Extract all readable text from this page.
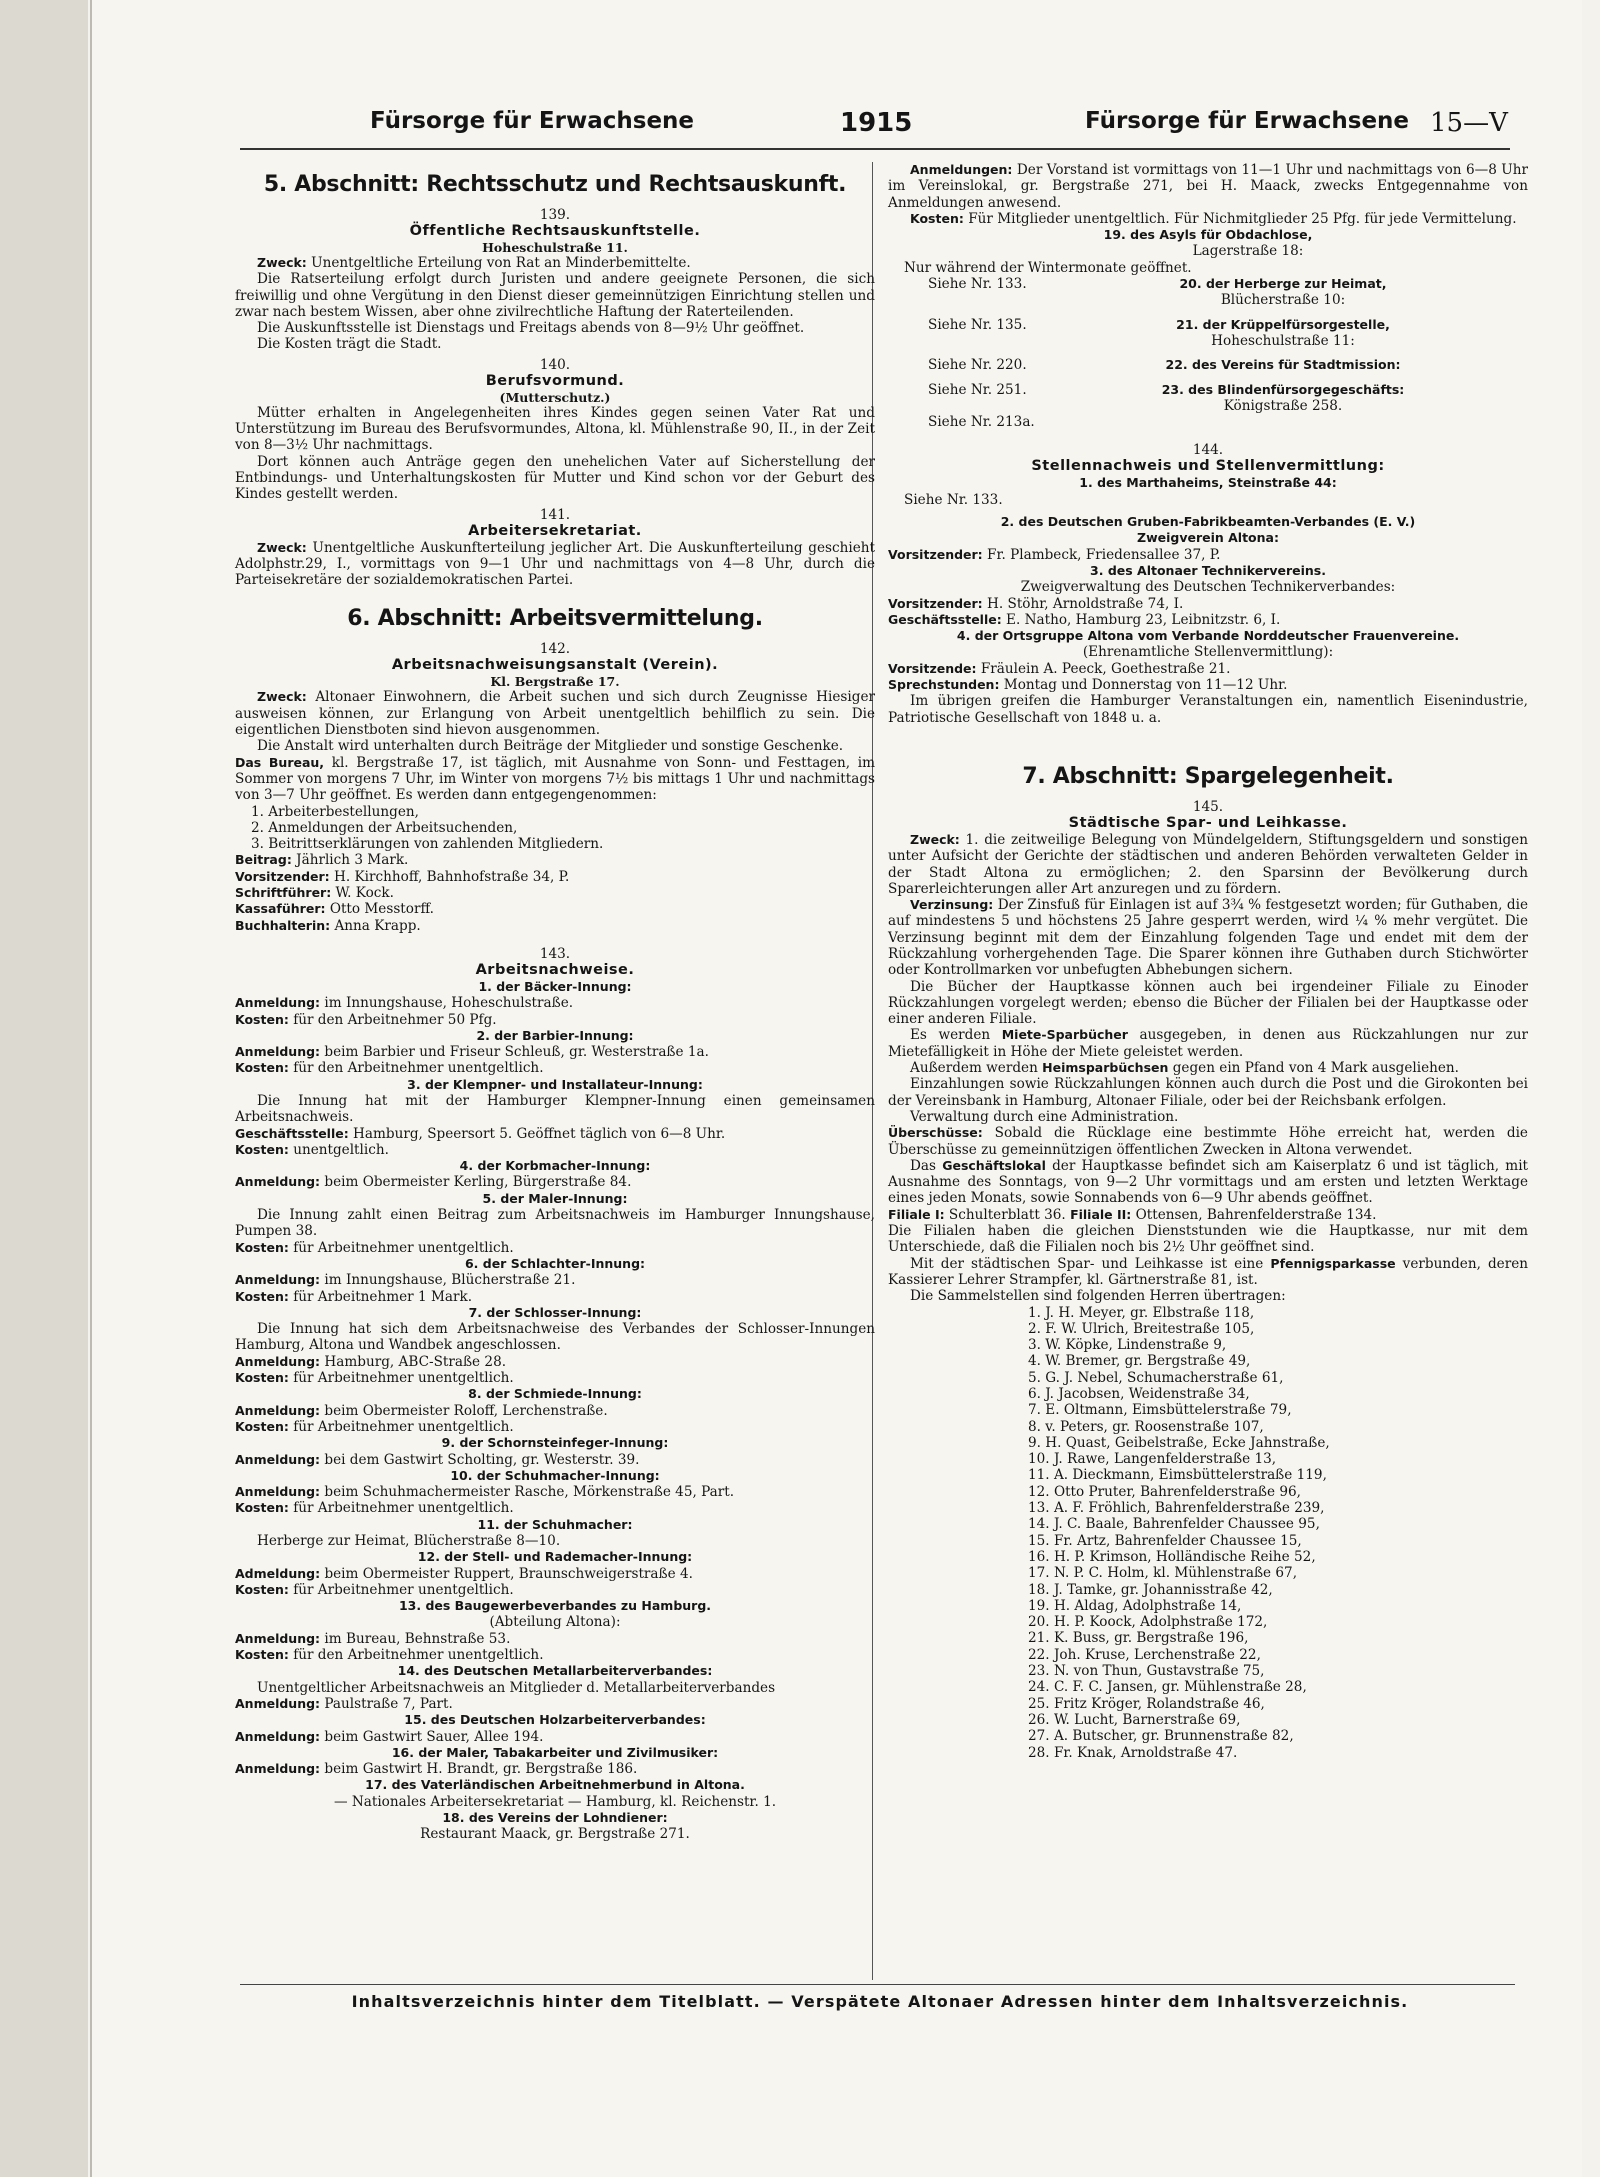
Fürsorge für Erwachsene	1915	Fürsorge für Erwachsene 15—V
5. Abschnitt: Rechtsschutz und Rechtsauskunft.
139.
Öffentliche Rechtsauskunftstelle.
Hoheschulstraße 11.

Zweck: Unentgeltliche Erteilung von Rat an Minderbemittelte.

Die Ratserteilung erfolgt durch Juristen und andere geeignete Personen, die sich freiwillig und ohne Vergütung in den Dienst dieser gemeinnützigen Einrichtung stellen und zwar nach bestem Wissen, aber ohne zivilrechtliche Haftung der Raterteilenden.

Die Auskunftsstelle ist Dienstags und Freitags abends von 8—9½ Uhr geöffnet.

Die Kosten trägt die Stadt.

140.
Berufsvormund.
(Mutterschutz.)

Mütter erhalten in Angelegenheiten ihres Kindes gegen seinen Vater Rat und Unterstützung im Bureau des Berufsvormundes, Altona, kl. Mühlenstraße 90, II., in der Zeit von 8—3½ Uhr nachmittags.

Dort können auch Anträge gegen den unehelichen Vater auf Sicherstellung der Entbindungs- und Unterhaltungskosten für Mutter und Kind schon vor der Geburt des Kindes gestellt werden.

141.
Arbeitersekretariat.

Zweck: Unentgeltliche Auskunfterteilung jeglicher Art. Die Auskunfterteilung geschieht Adolphstr.29, I., vormittags von 9—1 Uhr und nachmittags von 4—8 Uhr, durch die Parteisekretäre der sozialdemokratischen Partei.

6. Abschnitt: Arbeitsvermittelung.
142.
Arbeitsnachweisungsanstalt (Verein).
Kl. Bergstraße 17.

Zweck: Altonaer Einwohnern, die Arbeit suchen und sich durch Zeugnisse Hiesiger ausweisen können, zur Erlangung von Arbeit unentgeltlich behilflich zu sein. Die eigentlichen Dienstboten sind hievon ausgenommen.

Die Anstalt wird unterhalten durch Beiträge der Mitglieder und sonstige Geschenke.

Das Bureau, kl. Bergstraße 17, ist täglich, mit Ausnahme von Sonn- und Festtagen, im Sommer von morgens 7 Uhr, im Winter von morgens 7½ bis mittags 1 Uhr und nachmittags von 3—7 Uhr geöffnet. Es werden dann entgegengenommen:

1. Arbeiterbestellungen,
2. Anmeldungen der Arbeitsuchenden,
3. Beitrittserklärungen von zahlenden Mitgliedern.
Beitrag: Jährlich 3 Mark.
Vorsitzender: H. Kirchhoff, Bahnhofstraße 34, P.
Schriftführer: W. Kock.
Kassaführer: Otto Messtorff.
Buchhalterin: Anna Krapp.
143.
Arbeitsnachweise.
1. der Bäcker-Innung:
Anmeldung: im Innungshause, Hoheschulstraße.
Kosten: für den Arbeitnehmer 50 Pfg.
2. der Barbier-Innung:
Anmeldung: beim Barbier und Friseur Schleuß, gr. Westerstraße 1a.
Kosten: für den Arbeitnehmer unentgeltlich.
3. der Klempner- und Installateur-Innung:
Die Innung hat mit der Hamburger Klempner-Innung einen gemeinsamen Arbeitsnachweis.
Geschäftsstelle: Hamburg, Speersort 5. Geöffnet täglich von 6—8 Uhr.
Kosten: unentgeltlich.
4. der Korbmacher-Innung:
Anmeldung: beim Obermeister Kerling, Bürgerstraße 84.
5. der Maler-Innung:
Die Innung zahlt einen Beitrag zum Arbeitsnachweis im Hamburger Innungshause, Pumpen 38.
Kosten: für Arbeitnehmer unentgeltlich.
6. der Schlachter-Innung:
Anmeldung: im Innungshause, Blücherstraße 21.
Kosten: für Arbeitnehmer 1 Mark.
7. der Schlosser-Innung:
Die Innung hat sich dem Arbeitsnachweise des Verbandes der Schlosser-Innungen Hamburg, Altona und Wandbek angeschlossen.
Anmeldung: Hamburg, ABC-Straße 28.
Kosten: für Arbeitnehmer unentgeltlich.
8. der Schmiede-Innung:
Anmeldung: beim Obermeister Roloff, Lerchenstraße.
Kosten: für Arbeitnehmer unentgeltlich.
9. der Schornsteinfeger-Innung:
Anmeldung: bei dem Gastwirt Scholting, gr. Westerstr. 39.
10. der Schuhmacher-Innung:
Anmeldung: beim Schuhmachermeister Rasche, Mörkenstraße 45, Part.
Kosten: für Arbeitnehmer unentgeltlich.
11. der Schuhmacher:
Herberge zur Heimat, Blücherstraße 8—10.
12. der Stell- und Rademacher-Innung:
Admeldung: beim Obermeister Ruppert, Braunschweigerstraße 4.
Kosten: für Arbeitnehmer unentgeltlich.
13. des Baugewerbeverbandes zu Hamburg.
(Abteilung Altona):
Anmeldung: im Bureau, Behnstraße 53.
Kosten: für den Arbeitnehmer unentgeltlich.
14. des Deutschen Metallarbeiterverbandes:
Unentgeltlicher Arbeitsnachweis an Mitglieder d. Metallarbeiterverbandes
Anmeldung: Paulstraße 7, Part.
15. des Deutschen Holzarbeiterverbandes:
Anmeldung: beim Gastwirt Sauer, Allee 194.
16. der Maler, Tabakarbeiter und Zivilmusiker:
Anmeldung: beim Gastwirt H. Brandt, gr. Bergstraße 186.
17. des Vaterländischen Arbeitnehmerbund in Altona.
— Nationales Arbeitersekretariat — Hamburg, kl. Reichenstr. 1.
18. des Vereins der Lohndiener:
Restaurant Maack, gr. Bergstraße 271.

Anmeldungen: Der Vorstand ist vormittags von 11—1 Uhr und nachmittags von 6—8 Uhr im Vereinslokal, gr. Bergstraße 271, bei H. Maack, zwecks Entgegennahme von Anmeldungen anwesend.

Kosten: Für Mitglieder unentgeltlich. Für Nichmitglieder 25 Pfg. für jede Vermittelung.

19. des Asyls für Obdachlose,
Lagerstraße 18:
Nur während der Wintermonate geöffnet.
Siehe Nr. 133.	20. der Herberge zur Heimat,
Blücherstraße 10:
Siehe Nr. 135.	21. der Krüppelfürsorgestelle,
Hoheschulstraße 11:
Siehe Nr. 220.	22. des Vereins für Stadtmission:
Siehe Nr. 251.	23. des Blindenfürsorgegeschäfts:
Königstraße 258.
Siehe Nr. 213a.
144.
Stellennachweis und Stellenvermittlung:
1. des Marthaheims, Steinstraße 44:
Siehe Nr. 133.
2. des Deutschen Gruben-Fabrikbeamten-Verbandes (E. V.)
Zweigverein Altona:
Vorsitzender: Fr. Plambeck, Friedensallee 37, P.
3. des Altonaer Technikervereins.
Zweigverwaltung des Deutschen Technikerverbandes:
Vorsitzender: H. Stöhr, Arnoldstraße 74, I.
Geschäftsstelle: E. Natho, Hamburg 23, Leibnitzstr. 6, I.
4. der Ortsgruppe Altona vom Verbande Norddeutscher Frauenvereine.
(Ehrenamtliche Stellenvermittlung):
Vorsitzende: Fräulein A. Peeck, Goethestraße 21.
Sprechstunden: Montag und Donnerstag von 11—12 Uhr.

Im übrigen greifen die Hamburger Veranstaltungen ein, namentlich Eisenindustrie, Patriotische Gesellschaft von 1848 u. a.

7. Abschnitt: Spargelegenheit.
145.
Städtische Spar- und Leihkasse.

Zweck: 1. die zeitweilige Belegung von Mündelgeldern, Stiftungsgeldern und sonstigen unter Aufsicht der Gerichte der städtischen und anderen Behörden verwalteten Gelder in der Stadt Altona zu ermöglichen; 2. den Sparsinn der Bevölkerung durch Sparerleichterungen aller Art anzuregen und zu fördern.

Verzinsung: Der Zinsfuß für Einlagen ist auf 3¾ % festgesetzt worden; für Guthaben, die auf mindestens 5 und höchstens 25 Jahre gesperrt werden, wird ¼ % mehr vergütet. Die Verzinsung beginnt mit dem der Einzahlung folgenden Tage und endet mit dem der Rückzahlung vorhergehenden Tage. Die Sparer können ihre Guthaben durch Stichwörter oder Kontrollmarken vor unbefugten Abhebungen sichern.

Die Bücher der Hauptkasse können auch bei irgendeiner Filiale zu Einoder Rückzahlungen vorgelegt werden; ebenso die Bücher der Filialen bei der Hauptkasse oder einer anderen Filiale.

Es werden Miete-Sparbücher ausgegeben, in denen aus Rückzahlungen nur zur Mietefälligkeit in Höhe der Miete geleistet werden.

Außerdem werden Heimsparbüchsen gegen ein Pfand von 4 Mark ausgeliehen.

Einzahlungen sowie Rückzahlungen können auch durch die Post und die Girokonten bei der Vereinsbank in Hamburg, Altonaer Filiale, oder bei der Reichsbank erfolgen.

Verwaltung durch eine Administration.

Überschüsse: Sobald die Rücklage eine bestimmte Höhe erreicht hat, werden die Überschüsse zu gemeinnützigen öffentlichen Zwecken in Altona verwendet.

Das Geschäftslokal der Hauptkasse befindet sich am Kaiserplatz 6 und ist täglich, mit Ausnahme des Sonntags, von 9—2 Uhr vormittags und am ersten und letzten Werktage eines jeden Monats, sowie Sonnabends von 6—9 Uhr abends geöffnet.

Filiale I: Schulterblatt 36. Filiale II: Ottensen, Bahrenfelderstraße 134.

Die Filialen haben die gleichen Dienststunden wie die Hauptkasse, nur mit dem Unterschiede, daß die Filialen noch bis 2½ Uhr geöffnet sind.

Mit der städtischen Spar- und Leihkasse ist eine Pfennigsparkasse verbunden, deren Kassierer Lehrer Strampfer, kl. Gärtnerstraße 81, ist.

Die Sammelstellen sind folgenden Herren übertragen:

1. J. H. Meyer, gr. Elbstraße 118,
2. F. W. Ulrich, Breitestraße 105,
3. W. Köpke, Lindenstraße 9,
4. W. Bremer, gr. Bergstraße 49,
5. G. J. Nebel, Schumacherstraße 61,
6. J. Jacobsen, Weidenstraße 34,
7. E. Oltmann, Eimsbüttelerstraße 79,
8. v. Peters, gr. Roosenstraße 107,
9. H. Quast, Geibelstraße, Ecke Jahnstraße,
10. J. Rawe, Langenfelderstraße 13,
11. A. Dieckmann, Eimsbüttelerstraße 119,
12. Otto Pruter, Bahrenfelderstraße 96,
13. A. F. Fröhlich, Bahrenfelderstraße 239,
14. J. C. Baale, Bahrenfelder Chaussee 95,
15. Fr. Artz, Bahrenfelder Chaussee 15,
16. H. P. Krimson, Holländische Reihe 52,
17. N. P. C. Holm, kl. Mühlenstraße 67,
18. J. Tamke, gr. Johannisstraße 42,
19. H. Aldag, Adolphstraße 14,
20. H. P. Koock, Adolphstraße 172,
21. K. Buss, gr. Bergstraße 196,
22. Joh. Kruse, Lerchenstraße 22,
23. N. von Thun, Gustavstraße 75,
24. C. F. C. Jansen, gr. Mühlenstraße 28,
25. Fritz Kröger, Rolandstraße 46,
26. W. Lucht, Barnerstraße 69,
27. A. Butscher, gr. Brunnenstraße 82,
28. Fr. Knak, Arnoldstraße 47.
Inhaltsverzeichnis hinter dem Titelblatt. — Verspätete Altonaer Adressen hinter dem Inhaltsverzeichnis.
